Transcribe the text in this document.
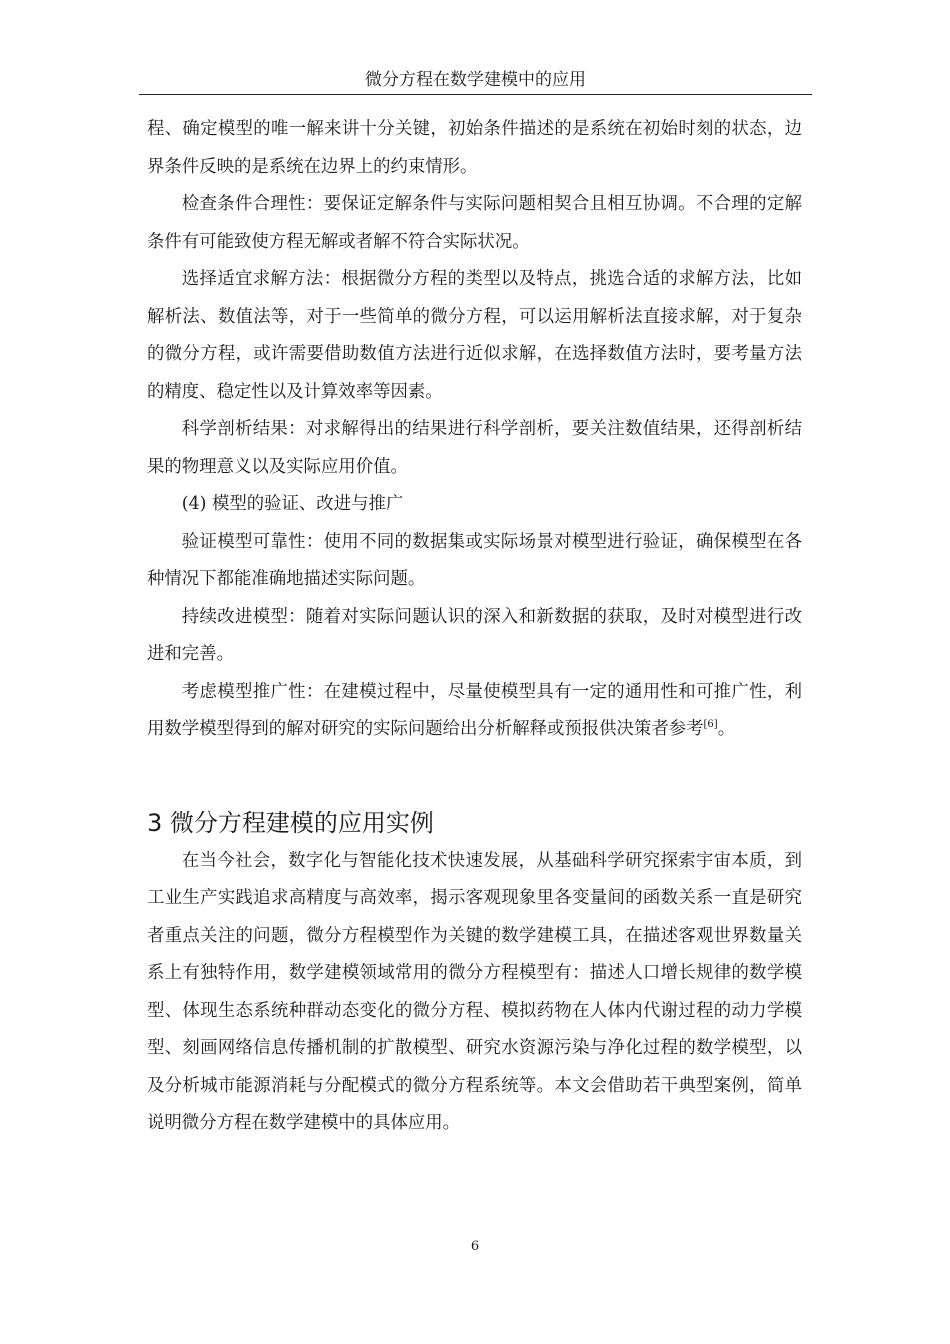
微分方程在数学建模中的应用

程、确定模型的唯一解来讲十分关键，初始条件描述的是系统在初始时刻的状态，边界条件反映的是系统在边界上的约束情形。

检查条件合理性：要保证定解条件与实际问题相契合且相互协调。不合理的定解条件有可能致使方程无解或者解不符合实际状况。

选择适宜求解方法：根据微分方程的类型以及特点，挑选合适的求解方法，比如解析法、数值法等，对于一些简单的微分方程，可以运用解析法直接求解，对于复杂的微分方程，或许需要借助数值方法进行近似求解，在选择数值方法时，要考量方法的精度、稳定性以及计算效率等因素。

科学剖析结果：对求解得出的结果进行科学剖析，要关注数值结果，还得剖析结果的物理意义以及实际应用价值。

(4) 模型的验证、改进与推广

验证模型可靠性：使用不同的数据集或实际场景对模型进行验证，确保模型在各种情况下都能准确地描述实际问题。

持续改进模型：随着对实际问题认识的深入和新数据的获取，及时对模型进行改进和完善。

考虑模型推广性：在建模过程中，尽量使模型具有一定的通用性和可推广性，利用数学模型得到的解对研究的实际问题给出分析解释或预报供决策者参考[6]。

3 微分方程建模的应用实例

在当今社会，数字化与智能化技术快速发展，从基础科学研究探索宇宙本质，到工业生产实践追求高精度与高效率，揭示客观现象里各变量间的函数关系一直是研究者重点关注的问题，微分方程模型作为关键的数学建模工具，在描述客观世界数量关系上有独特作用，数学建模领域常用的微分方程模型有：描述人口增长规律的数学模型、体现生态系统种群动态变化的微分方程、模拟药物在人体内代谢过程的动力学模型、刻画网络信息传播机制的扩散模型、研究水资源污染与净化过程的数学模型，以及分析城市能源消耗与分配模式的微分方程系统等。本文会借助若干典型案例，简单说明微分方程在数学建模中的具体应用。

6
